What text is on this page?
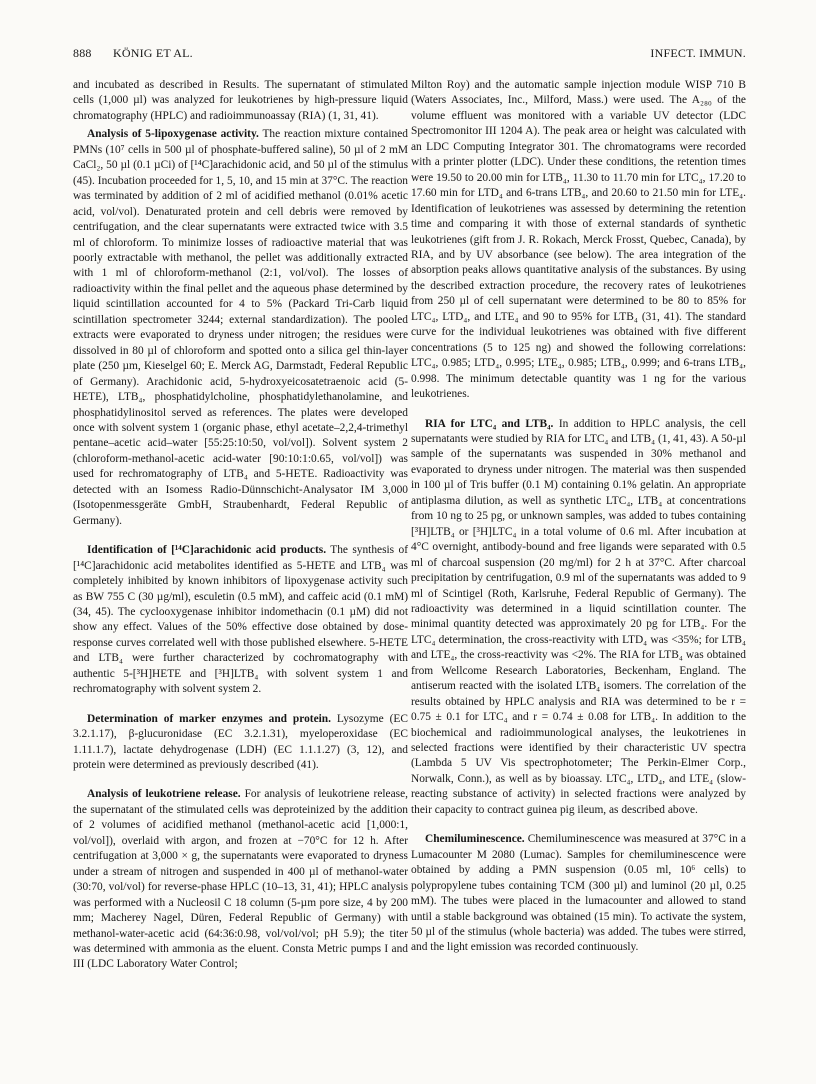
888 KÖNIG ET AL.	INFECT. IMMUN.

and incubated as described in Results. The supernatant of stimulated cells (1,000 µl) was analyzed for leukotrienes by high-pressure liquid chromatography (HPLC) and radioimmunoassay (RIA) (1, 31, 41).

Analysis of 5-lipoxygenase activity. The reaction mixture contained PMNs (10⁷ cells in 500 µl of phosphate-buffered saline), 50 µl of 2 mM CaCl₂, 50 µl (0.1 µCi) of [¹⁴C]arachidonic acid, and 50 µl of the stimulus (45). Incubation proceeded for 1, 5, 10, and 15 min at 37°C. The reaction was terminated by addition of 2 ml of acidified methanol (0.01% acetic acid, vol/vol). Denaturated protein and cell debris were removed by centrifugation, and the clear supernatants were extracted twice with 3.5 ml of chloroform. To minimize losses of radioactive material that was poorly extractable with methanol, the pellet was additionally extracted with 1 ml of chloroform-methanol (2:1, vol/vol). The losses of radioactivity within the final pellet and the aqueous phase determined by liquid scintillation accounted for 4 to 5% (Packard Tri-Carb liquid scintillation spectrometer 3244; external standardization). The pooled extracts were evaporated to dryness under nitrogen; the residues were dissolved in 80 µl of chloroform and spotted onto a silica gel thin-layer plate (250 µm, Kieselgel 60; E. Merck AG, Darmstadt, Federal Republic of Germany). Arachidonic acid, 5-hydroxyeicosatetraenoic acid (5-HETE), LTB₄, phosphatidylcholine, phosphatidylethanolamine, and phosphatidylinositol served as references. The plates were developed once with solvent system 1 (organic phase, ethyl acetate–2,2,4-trimethyl pentane–acetic acid–water [55:25:10:50, vol/vol]). Solvent system 2 (chloroform-methanol-acetic acid-water [90:10:1:0.65, vol/vol]) was used for rechromatography of LTB₄ and 5-HETE. Radioactivity was detected with an Isomess Radio-Dünnschicht-Analysator IM 3,000 (Isotopenmessgeräte GmbH, Straubenhardt, Federal Republic of Germany).

Identification of [¹⁴C]arachidonic acid products. The synthesis of [¹⁴C]arachidonic acid metabolites identified as 5-HETE and LTB₄ was completely inhibited by known inhibitors of lipoxygenase activity such as BW 755 C (30 µg/ml), esculetin (0.5 mM), and caffeic acid (0.1 mM) (34, 45). The cyclooxygenase inhibitor indomethacin (0.1 µM) did not show any effect. Values of the 50% effective dose obtained by dose-response curves correlated well with those published elsewhere. 5-HETE and LTB₄ were further characterized by cochromatography with authentic 5-[³H]HETE and [³H]LTB₄ with solvent system 1 and rechromatography with solvent system 2.

Determination of marker enzymes and protein. Lysozyme (EC 3.2.1.17), β-glucuronidase (EC 3.2.1.31), myeloperoxidase (EC 1.11.1.7), lactate dehydrogenase (LDH) (EC 1.1.1.27) (3, 12), and protein were determined as previously described (41).

Analysis of leukotriene release. For analysis of leukotriene release, the supernatant of the stimulated cells was deproteinized by the addition of 2 volumes of acidified methanol (methanol-acetic acid [1,000:1, vol/vol]), overlaid with argon, and frozen at −70°C for 12 h. After centrifugation at 3,000 × g, the supernatants were evaporated to dryness under a stream of nitrogen and suspended in 400 µl of methanol-water (30:70, vol/vol) for reverse-phase HPLC (10–13, 31, 41); HPLC analysis was performed with a Nucleosil C 18 column (5-µm pore size, 4 by 200 mm; Macherey Nagel, Düren, Federal Republic of Germany) with methanol-water-acetic acid (64:36:0.98, vol/vol/vol; pH 5.9); the titer was determined with ammonia as the eluent. Consta Metric pumps I and III (LDC Laboratory Water Control;

Milton Roy) and the automatic sample injection module WISP 710 B (Waters Associates, Inc., Milford, Mass.) were used. The A₂₈₀ of the volume effluent was monitored with a variable UV detector (LDC Spectromonitor III 1204 A). The peak area or height was calculated with an LDC Computing Integrator 301. The chromatograms were recorded with a printer plotter (LDC). Under these conditions, the retention times were 19.50 to 20.00 min for LTB₄, 11.30 to 11.70 min for LTC₄, 17.20 to 17.60 min for LTD₄ and 6-trans LTB₄, and 20.60 to 21.50 min for LTE₄. Identification of leukotrienes was assessed by determining the retention time and comparing it with those of external standards of synthetic leukotrienes (gift from J. R. Rokach, Merck Frosst, Quebec, Canada), by RIA, and by UV absorbance (see below). The area integration of the absorption peaks allows quantitative analysis of the substances. By using the described extraction procedure, the recovery rates of leukotrienes from 250 µl of cell supernatant were determined to be 80 to 85% for LTC₄, LTD₄, and LTE₄ and 90 to 95% for LTB₄ (31, 41). The standard curve for the individual leukotrienes was obtained with five different concentrations (5 to 125 ng) and showed the following correlations: LTC₄, 0.985; LTD₄, 0.995; LTE₄, 0.985; LTB₄, 0.999; and 6-trans LTB₄, 0.998. The minimum detectable quantity was 1 ng for the various leukotrienes.

RIA for LTC₄ and LTB₄. In addition to HPLC analysis, the cell supernatants were studied by RIA for LTC₄ and LTB₄ (1, 41, 43). A 50-µl sample of the supernatants was suspended in 30% methanol and evaporated to dryness under nitrogen. The material was then suspended in 100 µl of Tris buffer (0.1 M) containing 0.1% gelatin. An appropriate antiplasma dilution, as well as synthetic LTC₄, LTB₄ at concentrations from 10 ng to 25 pg, or unknown samples, was added to tubes containing [³H]LTB₄ or [³H]LTC₄ in a total volume of 0.6 ml. After incubation at 4°C overnight, antibody-bound and free ligands were separated with 0.5 ml of charcoal suspension (20 mg/ml) for 2 h at 37°C. After charcoal precipitation by centrifugation, 0.9 ml of the supernatants was added to 9 ml of Scintigel (Roth, Karlsruhe, Federal Republic of Germany). The radioactivity was determined in a liquid scintillation counter. The minimal quantity detected was approximately 20 pg for LTB₄. For the LTC₄ determination, the cross-reactivity with LTD₄ was <35%; for LTB₄ and LTE₄, the cross-reactivity was <2%. The RIA for LTB₄ was obtained from Wellcome Research Laboratories, Beckenham, England. The antiserum reacted with the isolated LTB₄ isomers. The correlation of the results obtained by HPLC analysis and RIA was determined to be r = 0.75 ± 0.1 for LTC₄ and r = 0.74 ± 0.08 for LTB₄. In addition to the biochemical and radioimmunological analyses, the leukotrienes in selected fractions were identified by their characteristic UV spectra (Lambda 5 UV Vis spectrophotometer; The Perkin-Elmer Corp., Norwalk, Conn.), as well as by bioassay. LTC₄, LTD₄, and LTE₄ (slow-reacting substance of activity) in selected fractions were analyzed by their capacity to contract guinea pig ileum, as described above.

Chemiluminescence. Chemiluminescence was measured at 37°C in a Lumacounter M 2080 (Lumac). Samples for chemiluminescence were obtained by adding a PMN suspension (0.05 ml, 10⁶ cells) to polypropylene tubes containing TCM (300 µl) and luminol (20 µl, 0.25 mM). The tubes were placed in the lumacounter and allowed to stand until a stable background was obtained (15 min). To activate the system, 50 µl of the stimulus (whole bacteria) was added. The tubes were stirred, and the light emission was recorded continuously.
